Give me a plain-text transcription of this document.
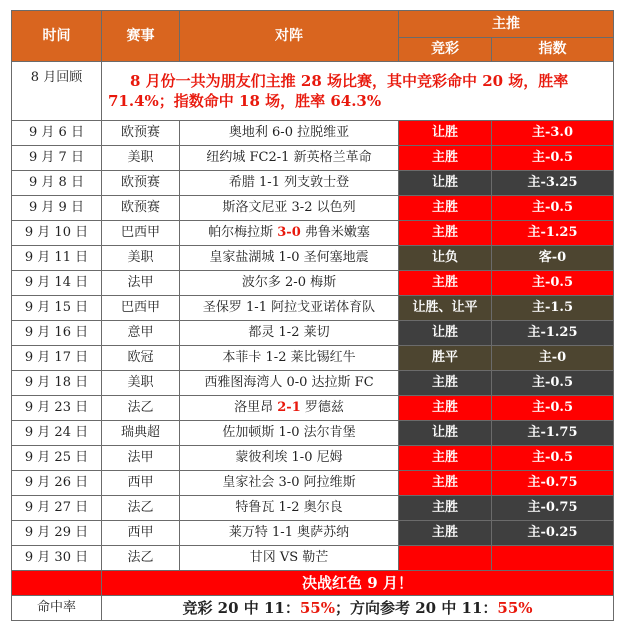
时间	赛事	对阵	主推	
			竞彩	指数
8 月回顾	8 月份一共为朋友们主推 28 场比赛，其中竞彩命中 20 场，胜率
71.4%；指数命中 18 场，胜率 64.3%			

9 月 6 日	欧预赛	奥地利 6-0 拉脱维亚	让胜	主-3.0
9 月 7 日	美职	纽约城 FC2-1 新英格兰革命	主胜	主-0.5
9 月 8 日	欧预赛	希腊 1-1 列支敦士登	让胜	主-3.25
9 月 9 日	欧预赛	斯洛文尼亚 3-2 以色列	主胜	主-0.5
9 月 10 日	巴西甲	帕尔梅拉斯 3-0 弗鲁米嫩塞	主胜	主-1.25
9 月 11 日	美职	皇家盐湖城 1-0 圣何塞地震	让负	客-0
9 月 14 日	法甲	波尔多 2-0 梅斯	主胜	主-0.5
9 月 15 日	巴西甲	圣保罗 1-1 阿拉戈亚诺体育队	让胜、让平	主-1.5
9 月 16 日	意甲	都灵 1-2 莱切	让胜	主-1.25
9 月 17 日	欧冠	本菲卡 1-2 莱比锡红牛	胜平	主-0
9 月 18 日	美职	西雅图海湾人 0-0 达拉斯 FC	主胜	主-0.5
9 月 23 日	法乙	洛里昂 2-1 罗德兹	主胜	主-0.5
9 月 24 日	瑞典超	佐加顿斯 1-0 法尔肯堡	让胜	主-1.75
9 月 25 日	法甲	蒙彼利埃 1-0 尼姆	主胜	主-0.5
9 月 26 日	西甲	皇家社会 3-0 阿拉维斯	主胜	主-0.75
9 月 27 日	法乙	特鲁瓦 1-2 奥尔良	主胜	主-0.75
9 月 29 日	西甲	莱万特 1-1 奥萨苏纳	主胜	主-0.25
9 月 30 日	法乙	甘冈 VS 勒芒		
	决战红色 9 月！			
命中率	竞彩 20 中 11：55%；方向参考 20 中 11：55%			
